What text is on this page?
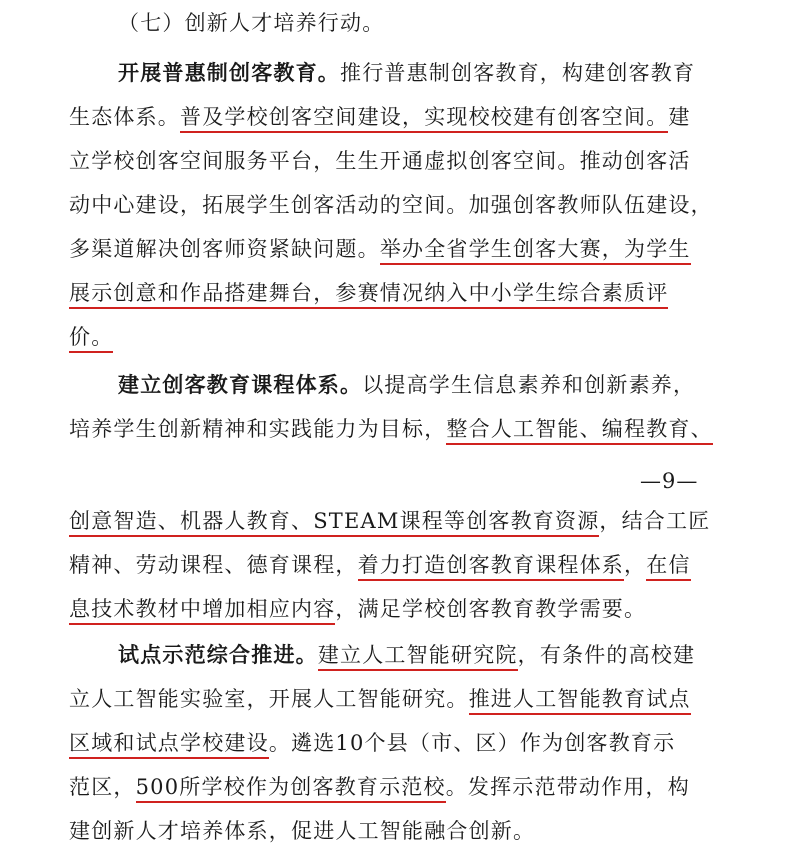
（七）创新人才培养行动。
开展普惠制创客教育。推行普惠制创客教育，构建创客教育
生态体系。普及学校创客空间建设，实现校校建有创客空间。建
立学校创客空间服务平台，生生开通虚拟创客空间。推动创客活
动中心建设，拓展学生创客活动的空间。加强创客教师队伍建设，
多渠道解决创客师资紧缺问题。举办全省学生创客大赛，为学生
展示创意和作品搭建舞台，参赛情况纳入中小学生综合素质评
价。
建立创客教育课程体系。以提高学生信息素养和创新素养，
培养学生创新精神和实践能力为目标，整合人工智能、编程教育、
—9—
创意智造、机器人教育、STEAM课程等创客教育资源，结合工匠
精神、劳动课程、德育课程，着力打造创客教育课程体系，在信
息技术教材中增加相应内容，满足学校创客教育教学需要。
试点示范综合推进。建立人工智能研究院，有条件的高校建
立人工智能实验室，开展人工智能研究。推进人工智能教育试点
区域和试点学校建设。遴选10个县（市、区）作为创客教育示
范区，500所学校作为创客教育示范校。发挥示范带动作用，构
建创新人才培养体系，促进人工智能融合创新。
